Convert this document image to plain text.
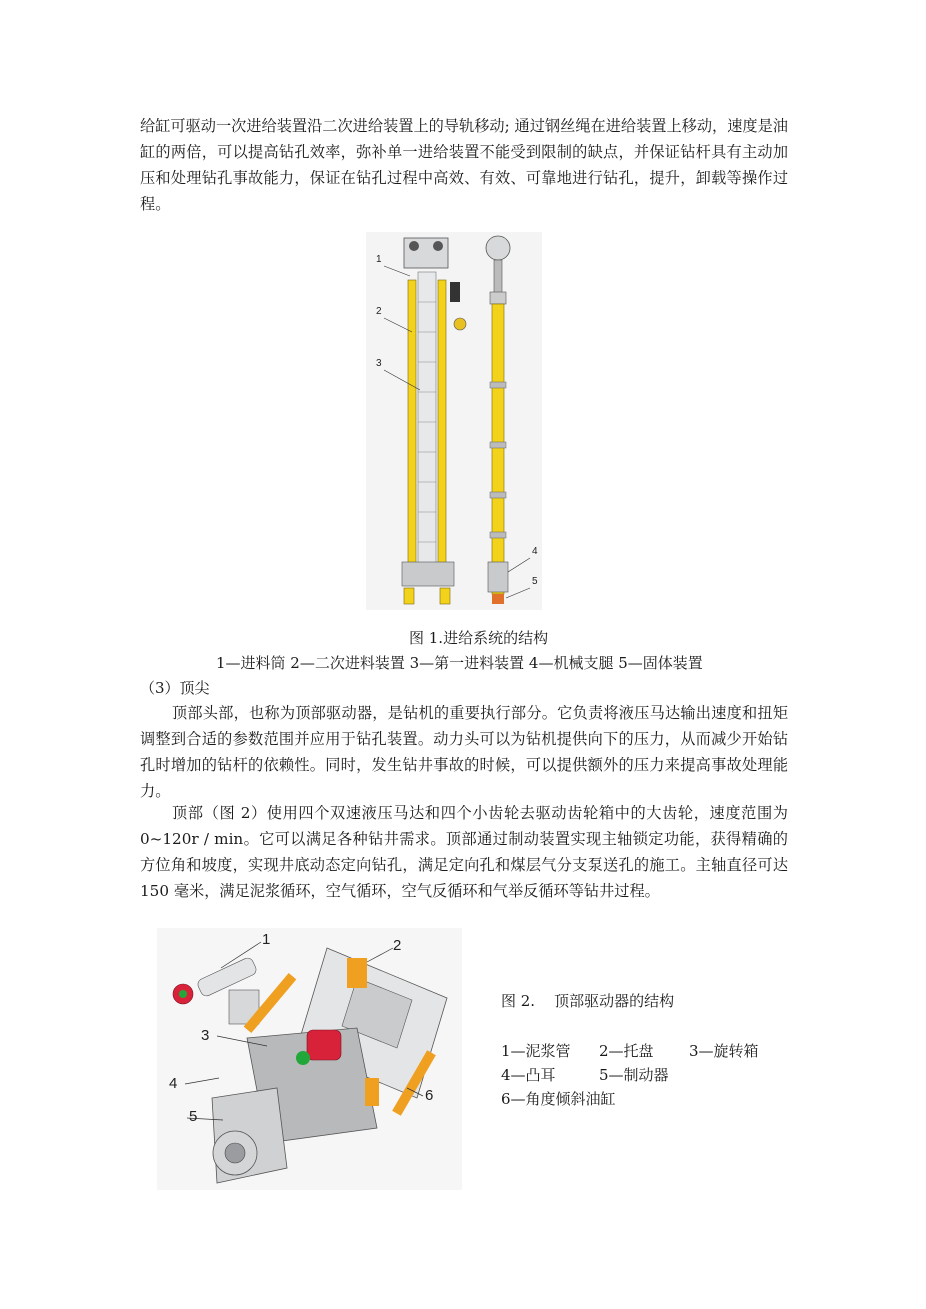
给缸可驱动一次进给装置沿二次进给装置上的导轨移动; 通过钢丝绳在进给装置上移动，速度是油缸的两倍，可以提高钻孔效率，弥补单一进给装置不能受到限制的缺点，并保证钻杆具有主动加压和处理钻孔事故能力，保证在钻孔过程中高效、有效、可靠地进行钻孔，提升，卸载等操作过程。

1
2
3
4
5
图 1.进给系统的结构
1—进料筒 2—二次进料装置 3—第一进料装置 4—机械支腿 5—固体装置
（3）顶尖

顶部头部，也称为顶部驱动器，是钻机的重要执行部分。它负责将液压马达输出速度和扭矩调整到合适的参数范围并应用于钻孔装置。动力头可以为钻机提供向下的压力，从而减少开始钻孔时增加的钻杆的依赖性。同时，发生钻井事故的时候，可以提供额外的压力来提高事故处理能力。

顶部（图 2）使用四个双速液压马达和四个小齿轮去驱动齿轮箱中的大齿轮，速度范围为 0~120r / min。它可以满足各种钻井需求。顶部通过制动装置实现主轴锁定功能，获得精确的方位角和坡度，实现井底动态定向钻孔，满足定向孔和煤层气分支泵送孔的施工。主轴直径可达 150 毫米，满足泥浆循环，空气循环，空气反循环和气举反循环等钻井过程。

1	2
3
4
5
6
图 2.    顶部驱动器的结构
1—泥浆管 2—托盘 3—旋转箱
4—凸耳	5—制动器
6—角度倾斜油缸
